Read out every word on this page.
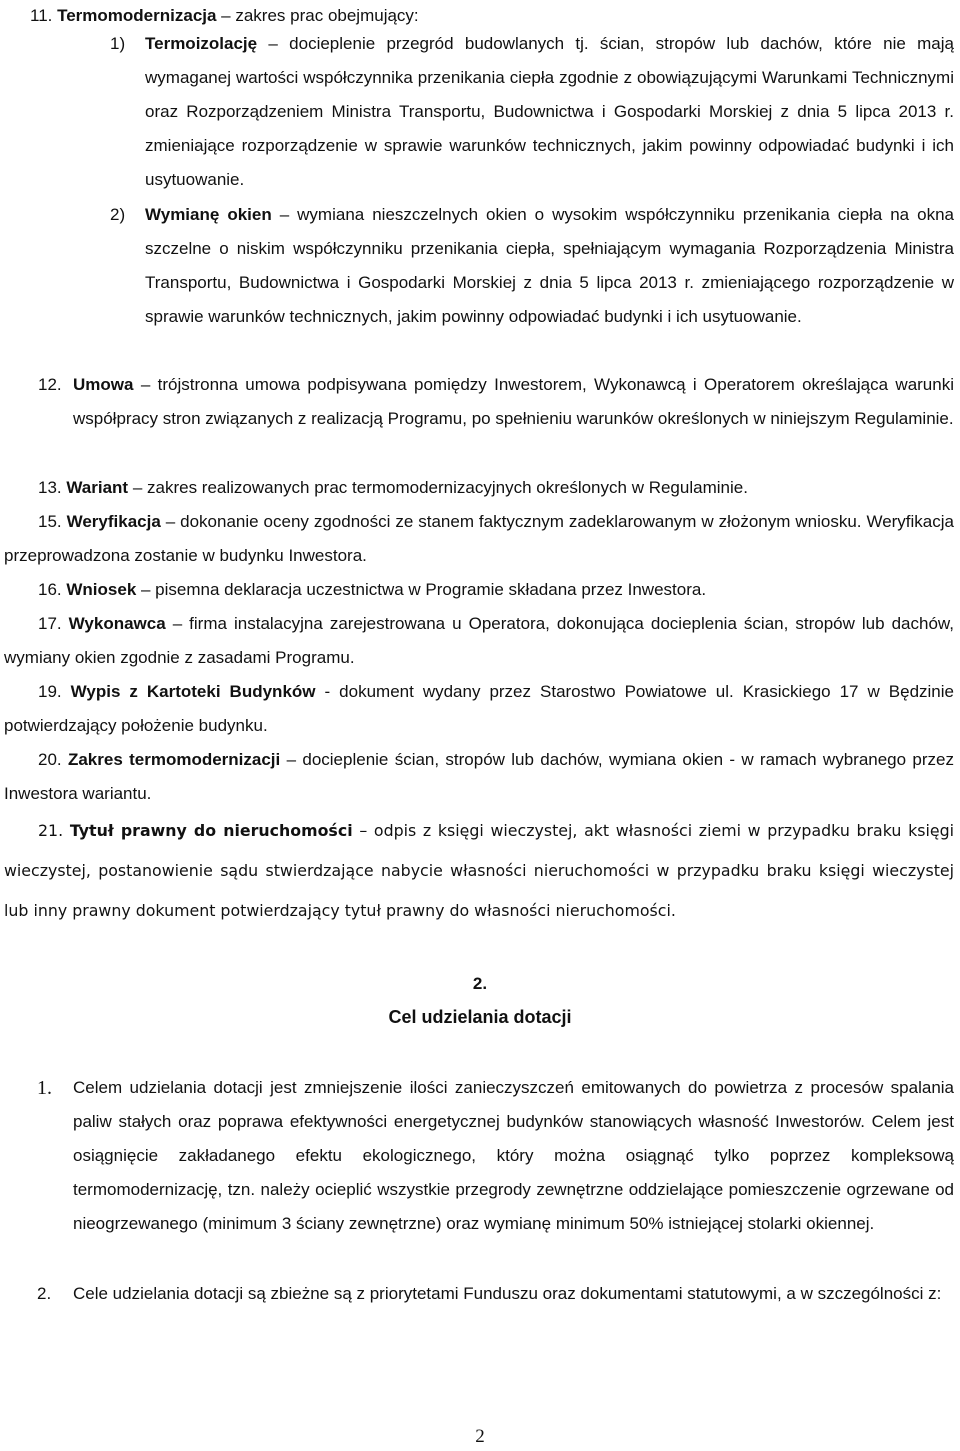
11. Termomodernizacja – zakres prac obejmujący:

1) Termoizolację – docieplenie przegród budowlanych tj. ścian, stropów lub dachów, które nie mają wymaganej wartości współczynnika przenikania ciepła zgodnie z obowiązującymi Warunkami Technicznymi oraz Rozporządzeniem Ministra Transportu, Budownictwa i Gospodarki Morskiej z dnia 5 lipca 2013 r. zmieniające rozporządzenie w sprawie warunków technicznych, jakim powinny odpowiadać budynki i ich usytuowanie.

2) Wymianę okien – wymiana nieszczelnych okien o wysokim współczynniku przenikania ciepła na okna szczelne o niskim współczynniku przenikania ciepła, spełniającym wymagania Rozporządzenia Ministra Transportu, Budownictwa i Gospodarki Morskiej z dnia 5 lipca 2013 r. zmieniającego rozporządzenie w sprawie warunków technicznych, jakim powinny odpowiadać budynki i ich usytuowanie.

12. Umowa – trójstronna umowa podpisywana pomiędzy Inwestorem, Wykonawcą i Operatorem określająca warunki współpracy stron związanych z realizacją Programu, po spełnieniu warunków określonych w niniejszym Regulaminie.

13. Wariant – zakres realizowanych prac termomodernizacyjnych określonych w Regulaminie.

15. Weryfikacja – dokonanie oceny zgodności ze stanem faktycznym zadeklarowanym w złożonym wniosku. Weryfikacja przeprowadzona zostanie w budynku Inwestora.

16. Wniosek – pisemna deklaracja uczestnictwa w Programie składana przez Inwestora.

17. Wykonawca – firma instalacyjna zarejestrowana u Operatora, dokonująca docieplenia ścian, stropów lub dachów, wymiany okien zgodnie z zasadami Programu.

19. Wypis z Kartoteki Budynków - dokument wydany przez Starostwo Powiatowe ul. Krasickiego 17 w Będzinie potwierdzający położenie budynku.

20. Zakres termomodernizacji – docieplenie ścian, stropów lub dachów, wymiana okien - w ramach wybranego przez Inwestora wariantu.

21. Tytuł prawny do nieruchomości – odpis z księgi wieczystej, akt własności ziemi w przypadku braku księgi wieczystej, postanowienie sądu stwierdzające nabycie własności nieruchomości w przypadku braku księgi wieczystej lub inny prawny dokument potwierdzający tytuł prawny do własności nieruchomości.

2.
Cel udzielania dotacji
1. Celem udzielania dotacji jest zmniejszenie ilości zanieczyszczeń emitowanych do powietrza z procesów spalania paliw stałych oraz poprawa efektywności energetycznej budynków stanowiących własność Inwestorów. Celem jest osiągnięcie zakładanego efektu ekologicznego, który można osiągnąć tylko poprzez kompleksową termomodernizację, tzn. należy ocieplić wszystkie przegrody zewnętrzne oddzielające pomieszczenie ogrzewane od nieogrzewanego (minimum 3 ściany zewnętrzne) oraz wymianę minimum 50% istniejącej stolarki okiennej.

2. Cele udzielania dotacji są zbieżne są z priorytetami Funduszu oraz dokumentami statutowymi, a w szczególności z:

2
